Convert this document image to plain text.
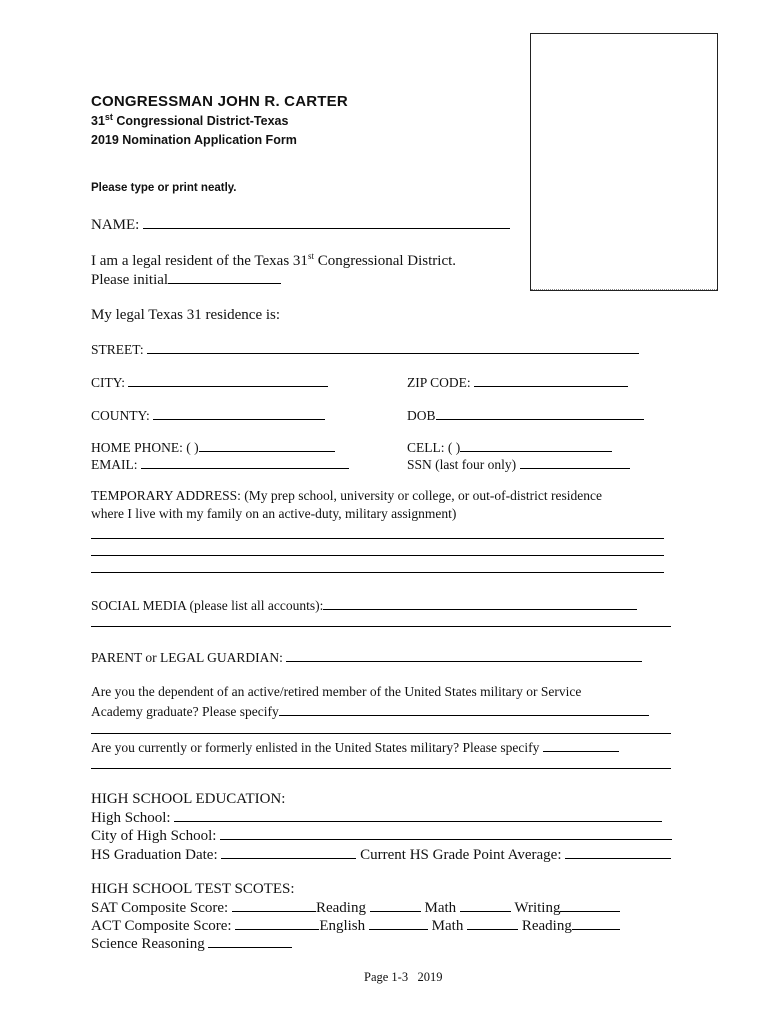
CONGRESSMAN JOHN R. CARTER
31st Congressional District-Texas
2019 Nomination Application Form
Please type or print neatly.
NAME:
I am a legal resident of the Texas 31st Congressional District.
Please initial
My legal Texas 31 residence is:
STREET:
CITY:	ZIP CODE:
COUNTY:	DOB
HOME PHONE: ( )	CELL: ( )
EMAIL:	SSN (last four only)
TEMPORARY ADDRESS: (My prep school, university or college, or out-of-district residence
where I live with my family on an active-duty, military assignment)
SOCIAL MEDIA (please list all accounts):
PARENT or LEGAL GUARDIAN:
Are you the dependent of an active/retired member of the United States military or Service
Academy graduate? Please specify
Are you currently or formerly enlisted in the United States military? Please specify
HIGH SCHOOL EDUCATION:
High School:
City of High School:
HS Graduation Date:	Current HS Grade Point Average:
HIGH SCHOOL TEST SCOTES:
SAT Composite Score:	Reading	Math	Writing
ACT Composite Score:	English	Math	Reading
Science Reasoning
Page 1-3 2019
